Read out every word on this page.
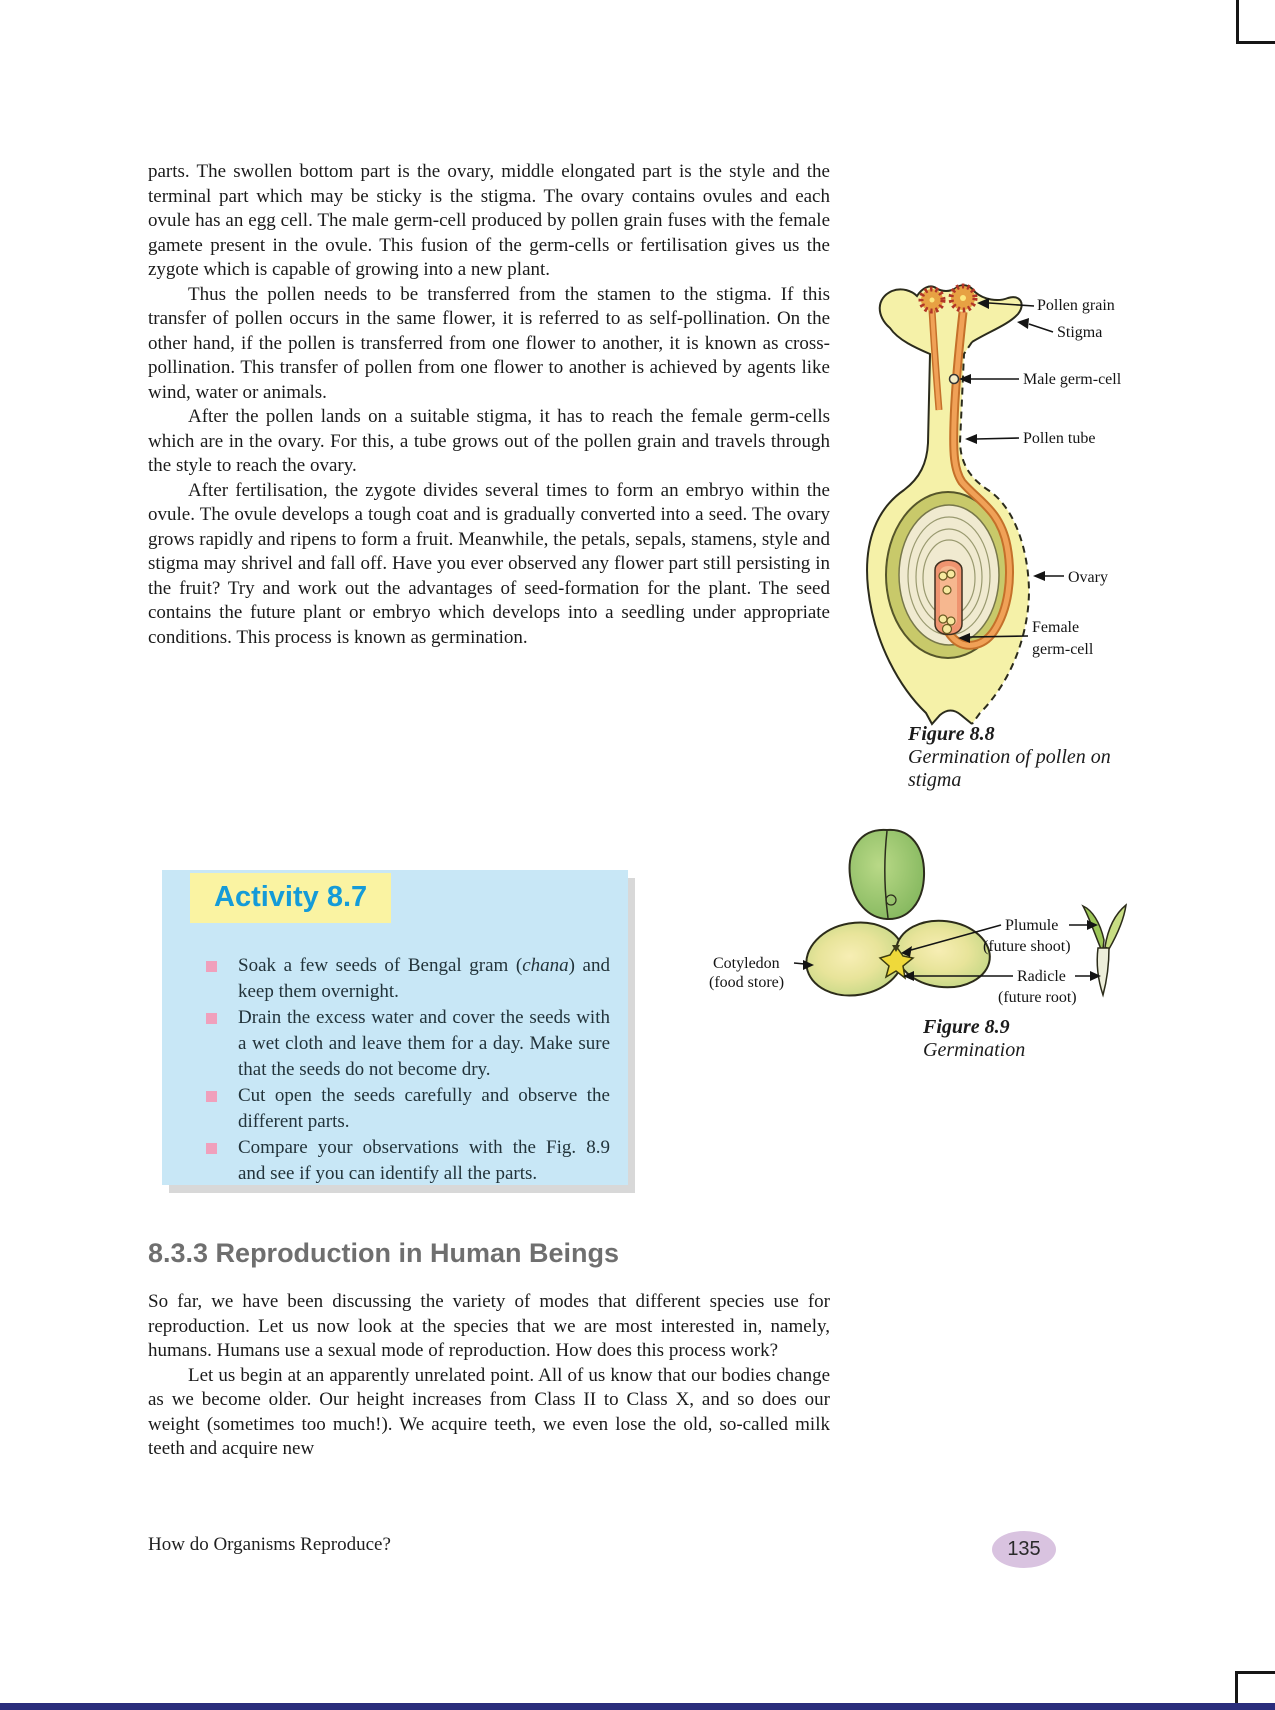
parts. The swollen bottom part is the ovary, middle elongated part is the style and the terminal part which may be sticky is the stigma. The ovary contains ovules and each ovule has an egg cell. The male germ-cell produced by pollen grain fuses with the female gamete present in the ovule. This fusion of the germ-cells or fertilisation gives us the zygote which is capable of growing into a new plant.

Thus the pollen needs to be transferred from the stamen to the stigma. If this transfer of pollen occurs in the same flower, it is referred to as self-pollination. On the other hand, if the pollen is transferred from one flower to another, it is known as cross-pollination. This transfer of pollen from one flower to another is achieved by agents like wind, water or animals.

After the pollen lands on a suitable stigma, it has to reach the female germ-cells which are in the ovary. For this, a tube grows out of the pollen grain and travels through the style to reach the ovary.

After fertilisation, the zygote divides several times to form an embryo within the ovule. The ovule develops a tough coat and is gradually converted into a seed. The ovary grows rapidly and ripens to form a fruit. Meanwhile, the petals, sepals, stamens, style and stigma may shrivel and fall off. Have you ever observed any flower part still persisting in the fruit? Try and work out the advantages of seed-formation for the plant. The seed contains the future plant or embryo which develops into a seedling under appropriate conditions. This process is known as germination.

Pollen grain
Stigma
Male germ-cell
Pollen tube
Ovary
Female
germ-cell
Figure 8.8
Germination of pollen on stigma
Activity 8.7
Soak a few seeds of Bengal gram (chana) and keep them overnight.
Drain the excess water and cover the seeds with a wet cloth and leave them for a day. Make sure that the seeds do not become dry.
Cut open the seeds carefully and observe the different parts.
Compare your observations with the Fig. 8.9 and see if you can identify all the parts.
Plumule
(future shoot)
Radicle
(future root)
Cotyledon
(food store)
Figure 8.9
Germination
8.3.3 Reproduction in Human Beings

So far, we have been discussing the variety of modes that different species use for reproduction. Let us now look at the species that we are most interested in, namely, humans. Humans use a sexual mode of reproduction. How does this process work?

Let us begin at an apparently unrelated point. All of us know that our bodies change as we become older. Our height increases from Class II to Class X, and so does our weight (sometimes too much!). We acquire teeth, we even lose the old, so-called milk teeth and acquire new

How do Organisms Reproduce?	135
